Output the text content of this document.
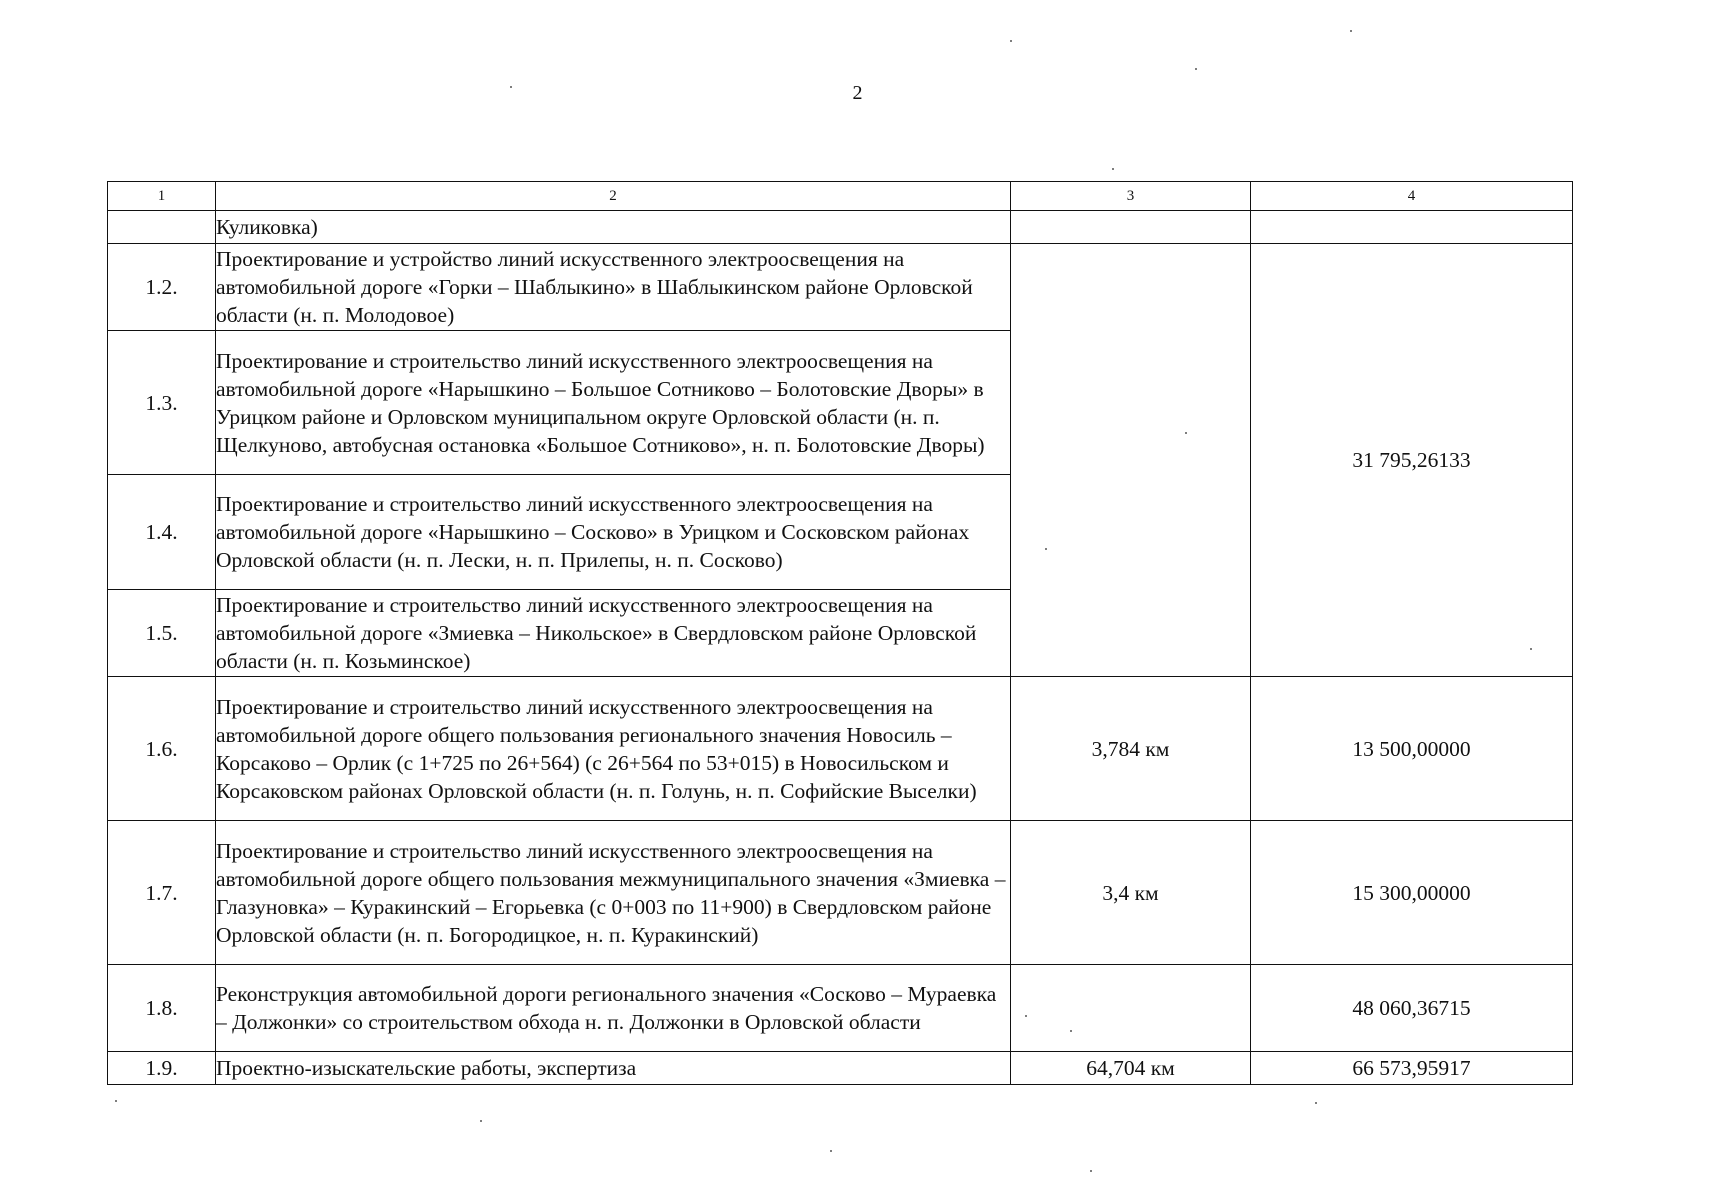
2
1	2	3	4
	Куликовка)		
1.2.	Проектирование и устройство линий искусственного электроосвещения на автомобильной дороге «Горки – Шаблыкино» в Шаблыкинском районе Орловской области (н. п. Молодовое)		31 795,26133
1.3.	Проектирование и строительство линий искусственного электроосвещения на автомобильной дороге «Нарышкино – Большое Сотниково – Болотовские Дворы» в Урицком районе и Орловском муниципальном округе Орловской области (н. п. Щелкуново, автобусная остановка «Большое Сотниково», н. п. Болотовские Дворы)		
1.4.	Проектирование и строительство линий искусственного электроосвещения на автомобильной дороге «Нарышкино – Сосково» в Урицком и Сосковском районах Орловской области (н. п. Лески, н. п. Прилепы, н. п. Сосково)		
1.5.	Проектирование и строительство линий искусственного электроосвещения на автомобильной дороге «Змиевка – Никольское» в Свердловском районе Орловской области (н. п. Козьминское)		
1.6.	Проектирование и строительство линий искусственного электроосвещения на автомобильной дороге общего пользования регионального значения Новосиль – Корсаково – Орлик (с 1+725 по 26+564) (с 26+564 по 53+015) в Новосильском и Корсаковском районах Орловской области (н. п. Голунь, н. п. Софийские Выселки)	3,784 км	13 500,00000
1.7.	Проектирование и строительство линий искусственного электроосвещения на автомобильной дороге общего пользования межмуниципального значения «Змиевка – Глазуновка» – Куракинский – Егорьевка (с 0+003 по 11+900) в Свердловском районе Орловской области (н. п. Богородицкое, н. п. Куракинский)	3,4 км	15 300,00000
1.8.	Реконструкция автомобильной дороги регионального значения «Сосково – Мураевка – Должонки» со строительством обхода н. п. Должонки в Орловской области		48 060,36715
1.9.	Проектно-изыскательские работы, экспертиза	64,704 км	66 573,95917
